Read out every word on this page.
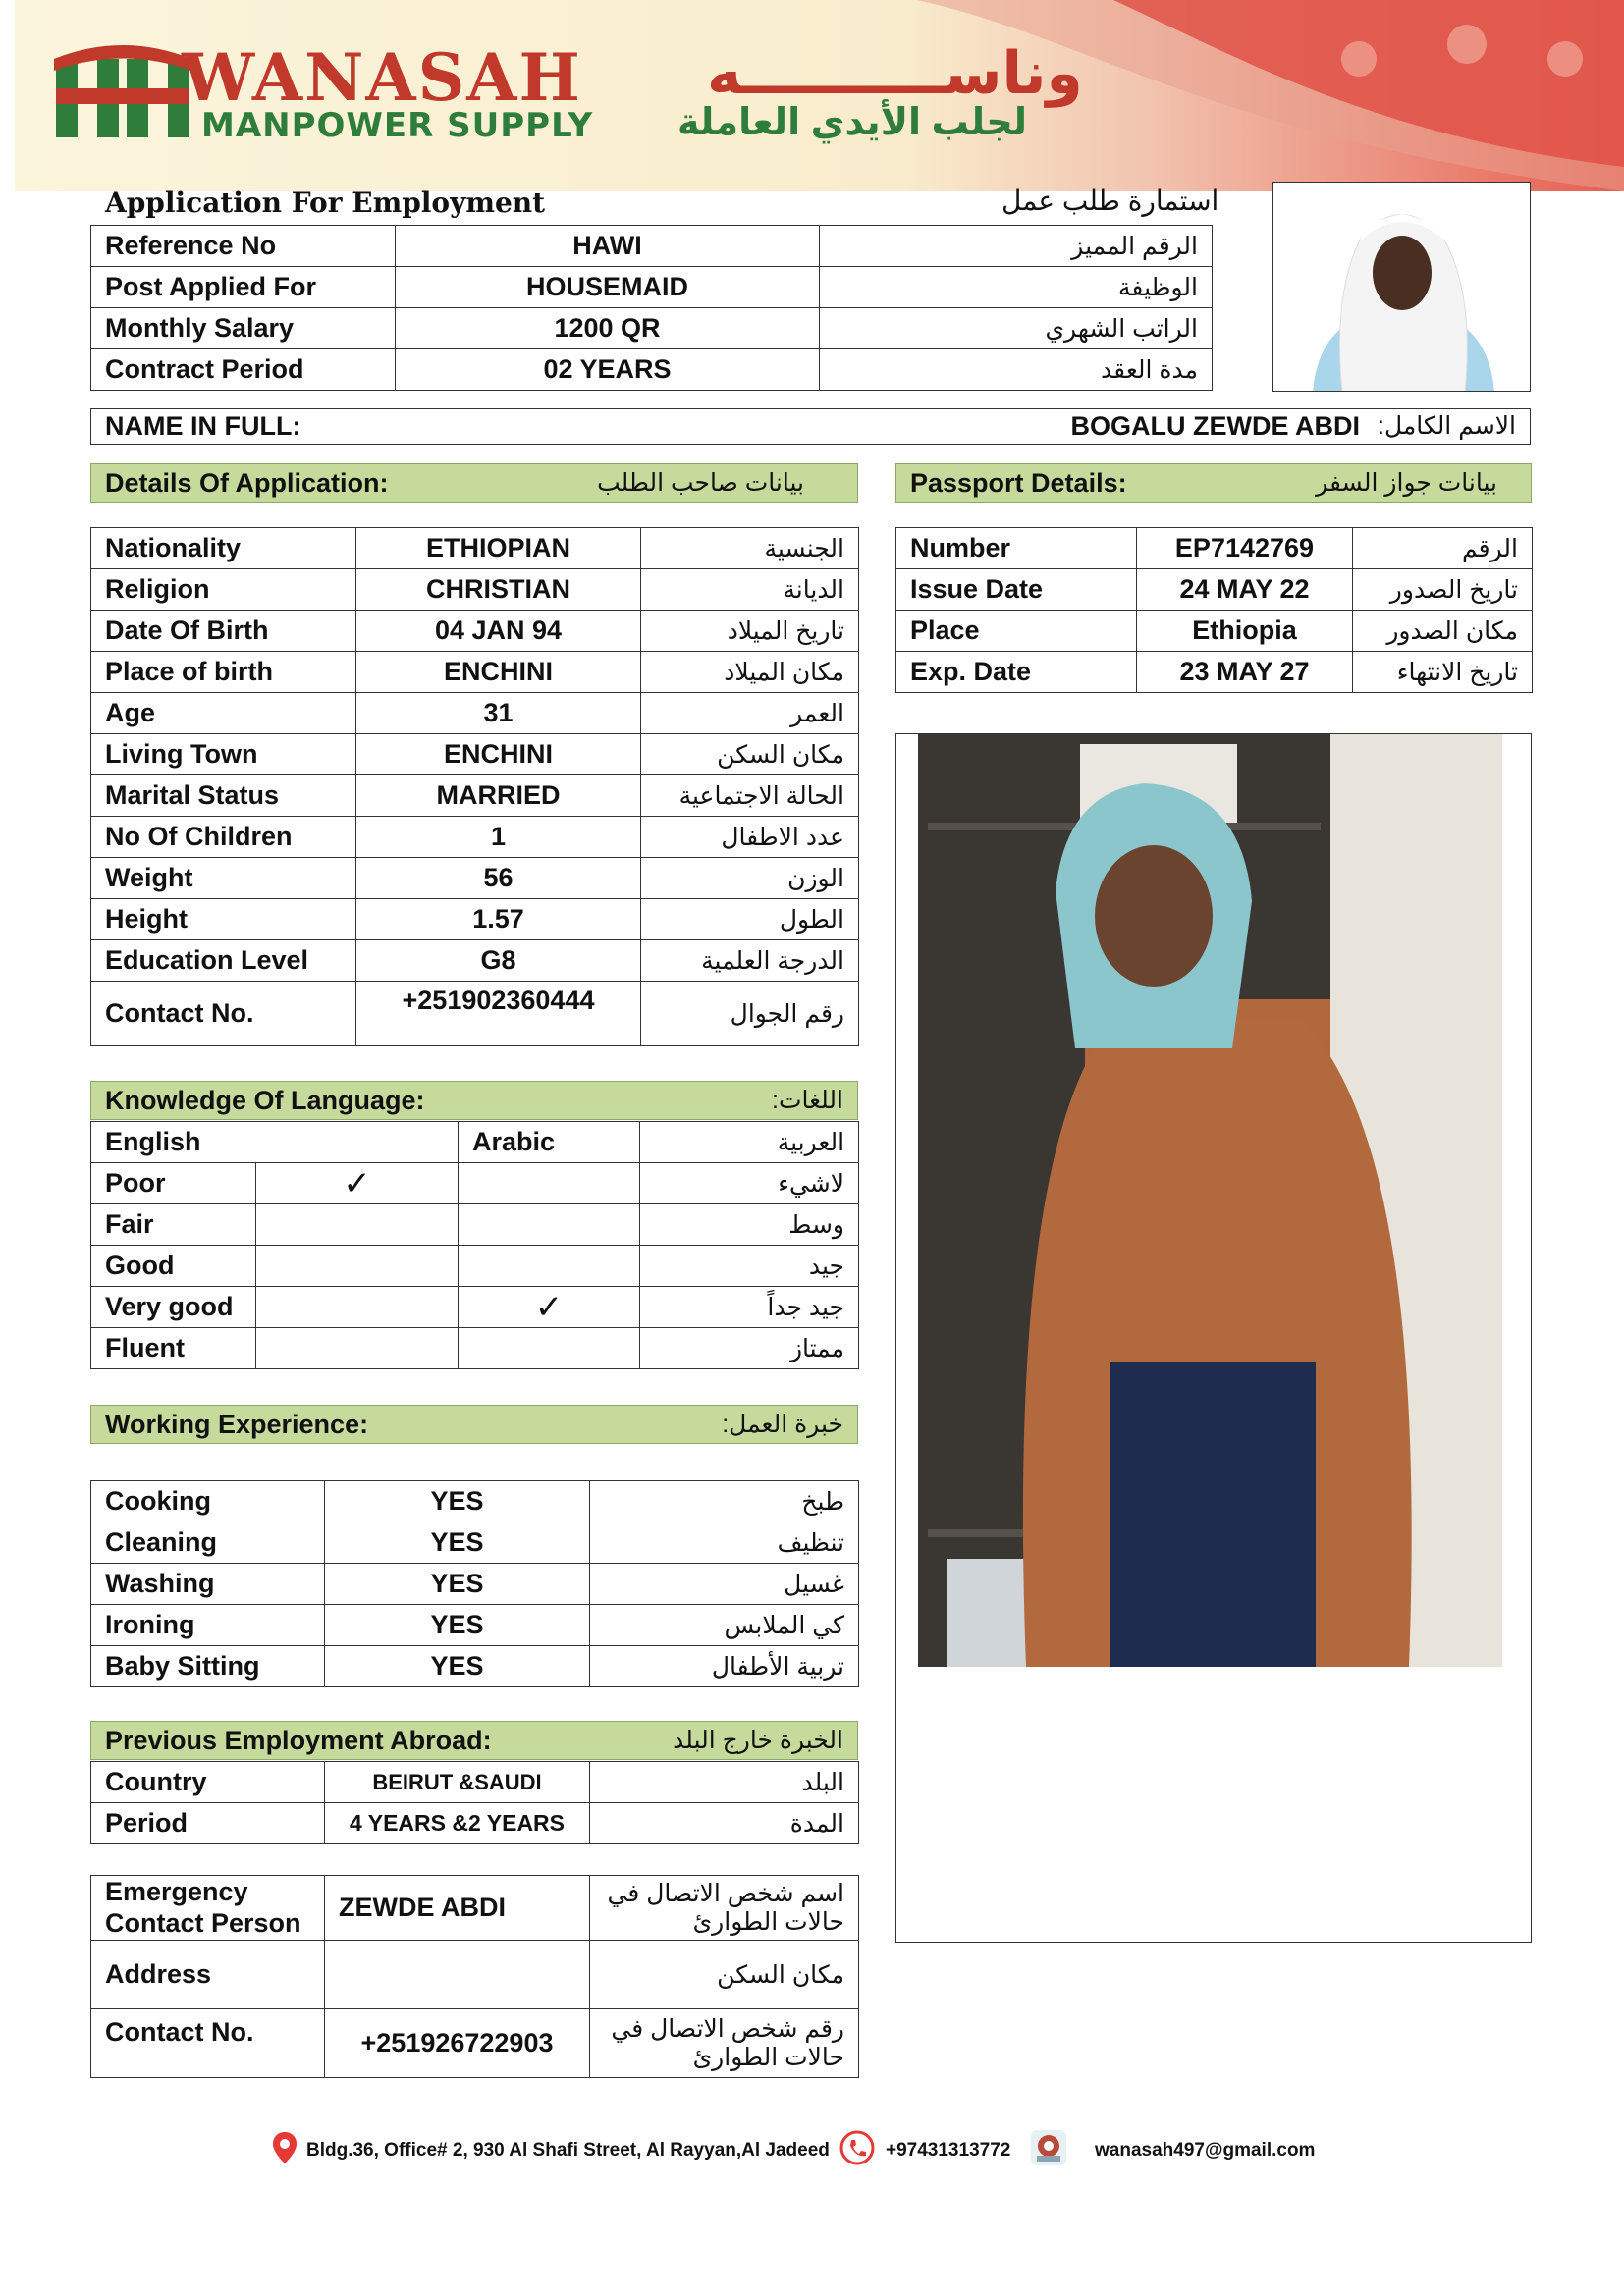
WANASAH وناســــــــــه
MANPOWER SUPPLY لجلب الأيدي العاملة
Application For Employment	استمارة طلب عمل
Reference No	HAWI	الرقم المميز
Post Applied For	HOUSEMAID	الوظيفة
Monthly Salary	1200 QR	الراتب الشهري
Contract Period	02 YEARS	مدة العقد
NAME IN FULL:	الاسم الكامل:
BOGALU ZEWDE ABDI
Details Of Application:	بيانات صاحب الطلب
Nationality	ETHIOPIAN	الجنسية
Religion	CHRISTIAN	الديانة
Date Of Birth	04 JAN 94	تاريخ الميلاد
Place of birth	ENCHINI	مكان الميلاد
Age	31	العمر
Living Town	ENCHINI	مكان السكن
Marital Status	MARRIED	الحالة الاجتماعية
No Of Children	1	عدد الاطفال
Weight	56	الوزن
Height	1.57	الطول
Education Level	G8	الدرجة العلمية
Contact No.	+251902360444	رقم الجوال
Passport Details:	بيانات جواز السفر
Number	EP7142769	الرقم
Issue Date	24 MAY 22	تاريخ الصدور
Place	Ethiopia	مكان الصدور
Exp. Date	23 MAY 27	تاريخ الانتهاء
Knowledge Of Language:	اللغات:
English		Arabic	العربية
Poor	✓		لاشيء
Fair			وسط
Good			جيد
Very good		✓	جيد جداً
Fluent			ممتاز
Working Experience:	خبرة العمل:
Cooking	YES	طبخ
Cleaning	YES	تنظيف
Washing	YES	غسيل
Ironing	YES	كي الملابس
Baby Sitting	YES	تربية الأطفال
Previous Employment Abroad:	الخبرة خارج البلد
Country	BEIRUT &SAUDI	البلد
Period	4 YEARS &2 YEARS	المدة
Emergency Contact Person	ZEWDE ABDI	اسم شخص الاتصال في حالات الطوارئ
Address		مكان السكن
Contact No.	+251926722903	رقم شخص الاتصال في حالات الطوارئ
Bldg.36, Office# 2, 930 Al Shafi Street, Al Rayyan,Al Jadeed	+97431313772	wanasah497@gmail.com
